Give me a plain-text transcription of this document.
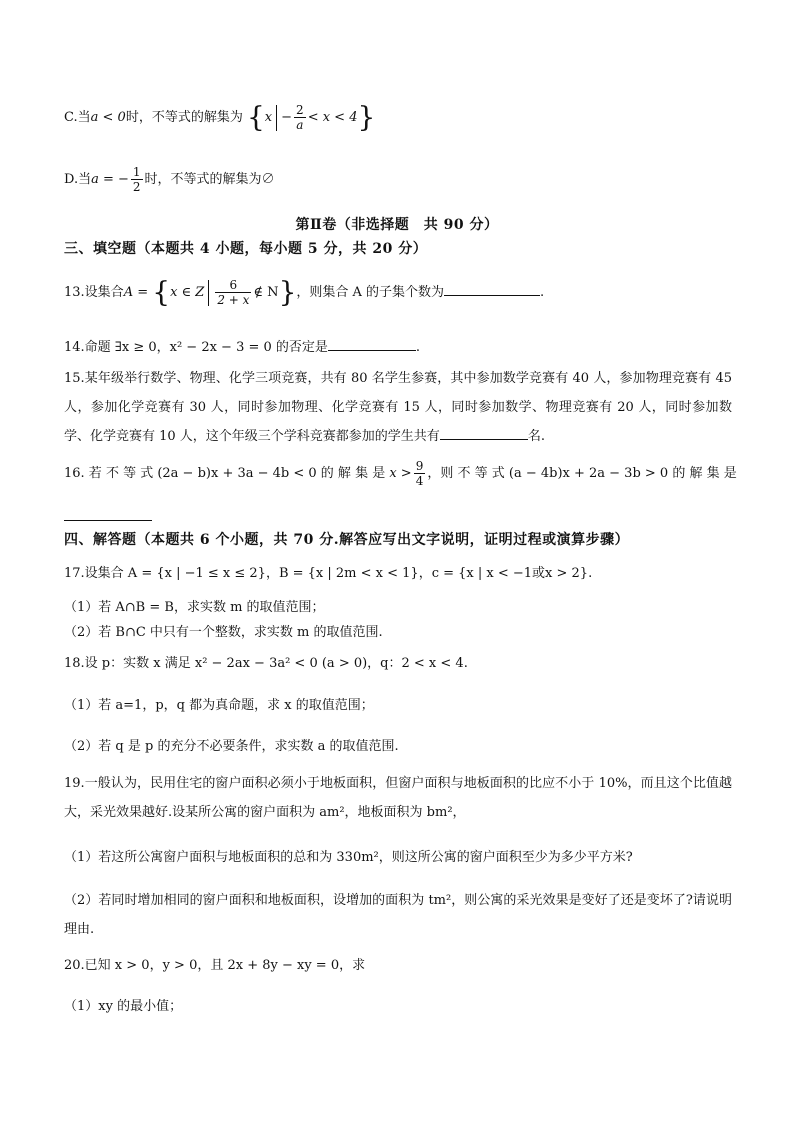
C.当a < 0时，不等式的解集为 $\{x - \frac{2}{a} < x < 4\}$
D.当a = − $\frac{1}{2}$ 时，不等式的解集为∅
第Ⅱ卷（非选择题　共 90 分）
三、填空题（本题共 4 小题，每小题 5 分，共 20 分）
13.设集合A = {x ∈ Z $\frac{6}{2 + x}$ ∉ N}，则集合 A 的子集个数为	.
14.命题 ∃x ≥ 0，x² − 2x − 3 = 0 的否定是	.
15.某年级举行数学、物理、化学三项竞赛，共有 80 名学生参赛，其中参加数学竞赛有 40 人，参加物理竞赛有 45 人，参加化学竞赛有 30 人，同时参加物理、化学竞赛有 15 人，同时参加数学、物理竞赛有 20 人，同时参加数学、化学竞赛有 10 人，这个年级三个学科竞赛都参加的学生共有	名.
16. 若 不 等 式 (2a − b)x + 3a − 4b < 0 的 解 集 是 $x > \frac{9}{4}$ ，则 不 等 式 (a − 4b)x + 2a − 3b > 0 的 解 集 是
四、解答题（本题共 6 个小题，共 70 分.解答应写出文字说明，证明过程或演算步骤）
17.设集合 A = {x | −1 ≤ x ≤ 2}，B = {x | 2m < x < 1}，c = {x | x < −1或x > 2}.
（1）若 A∩B = B，求实数 m 的取值范围；
（2）若 B∩C 中只有一个整数，求实数 m 的取值范围.
18.设 p：实数 x 满足 x² − 2ax − 3a² < 0 (a > 0)，q：2 < x < 4.
（1）若 a=1，p，q 都为真命题，求 x 的取值范围；
（2）若 q 是 p 的充分不必要条件，求实数 a 的取值范围.
19.一般认为，民用住宅的窗户面积必须小于地板面积，但窗户面积与地板面积的比应不小于 10%，而且这个比值越大，采光效果越好.设某所公寓的窗户面积为 am²，地板面积为 bm²，
（1）若这所公寓窗户面积与地板面积的总和为 330m²，则这所公寓的窗户面积至少为多少平方米?
（2）若同时增加相同的窗户面积和地板面积，设增加的面积为 tm²，则公寓的采光效果是变好了还是变坏了?请说明理由.
20.已知 x > 0，y > 0，且 2x + 8y − xy = 0，求
（1）xy 的最小值；
